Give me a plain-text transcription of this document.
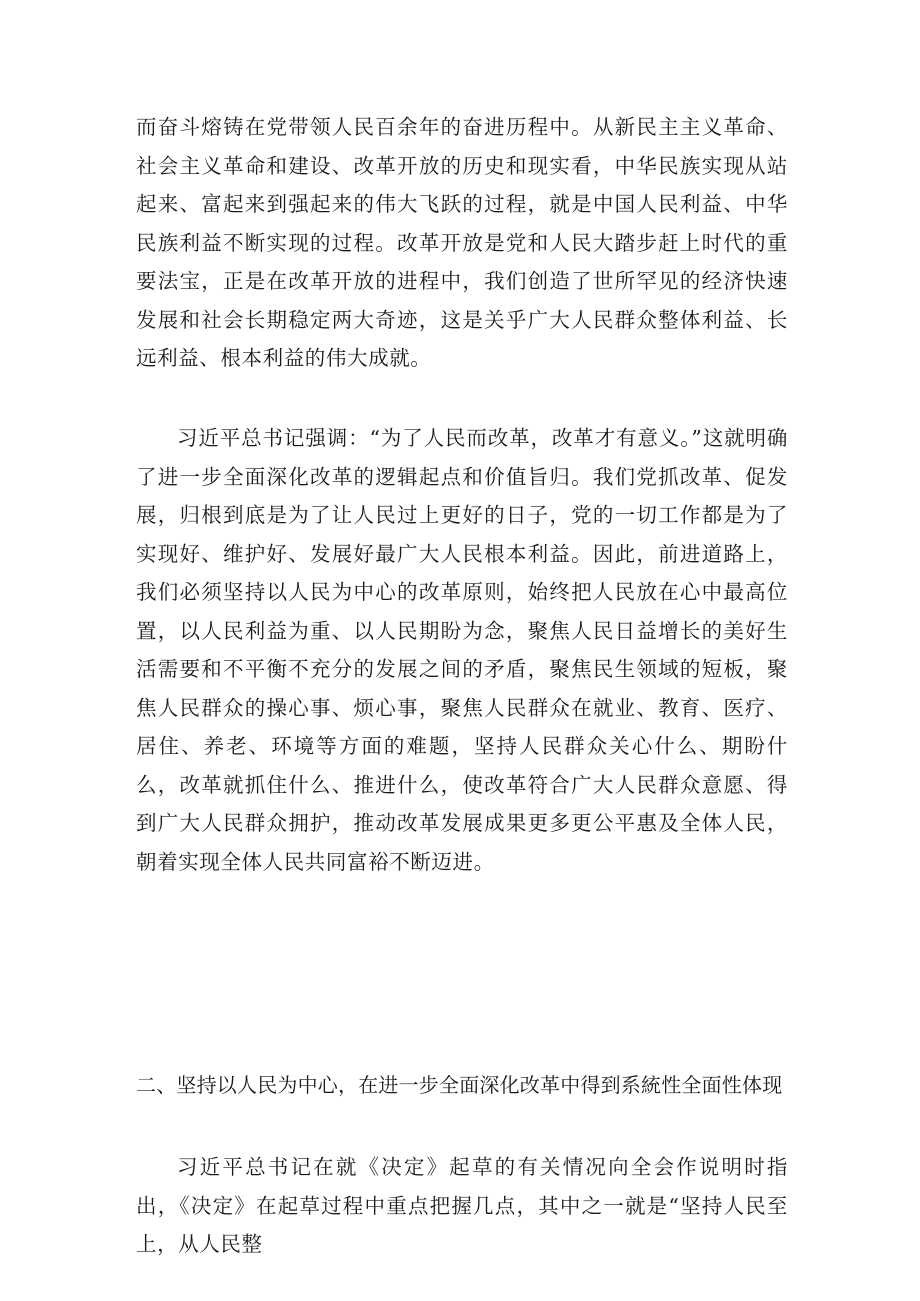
而奋斗熔铸在党带领人民百余年的奋进历程中。从新民主主义革命、社会主义革命和建设、改革开放的历史和现实看，中华民族实现从站起来、富起来到强起来的伟大飞跃的过程，就是中国人民利益、中华民族利益不断实现的过程。改革开放是党和人民大踏步赶上时代的重要法宝，正是在改革开放的进程中，我们创造了世所罕见的经济快速发展和社会长期稳定两大奇迹，这是关乎广大人民群众整体利益、长远利益、根本利益的伟大成就。

习近平总书记强调：“为了人民而改革，改革才有意义。”这就明确了进一步全面深化改革的逻辑起点和价值旨归。我们党抓改革、促发展，归根到底是为了让人民过上更好的日子，党的一切工作都是为了实现好、维护好、发展好最广大人民根本利益。因此，前进道路上，我们必须坚持以人民为中心的改革原则，始终把人民放在心中最高位置，以人民利益为重、以人民期盼为念，聚焦人民日益增长的美好生活需要和不平衡不充分的发展之间的矛盾，聚焦民生领域的短板，聚焦人民群众的操心事、烦心事，聚焦人民群众在就业、教育、医疗、居住、养老、环境等方面的难题，坚持人民群众关心什么、期盼什么，改革就抓住什么、推进什么，使改革符合广大人民群众意愿、得到广大人民群众拥护，推动改革发展成果更多更公平惠及全体人民，朝着实现全体人民共同富裕不断迈进。

二、坚持以人民为中心，在进一步全面深化改革中得到系統性全面性体现

习近平总书记在就《决定》起草的有关情况向全会作说明时指出，《决定》在起草过程中重点把握几点，其中之一就是“坚持人民至上，从人民整
